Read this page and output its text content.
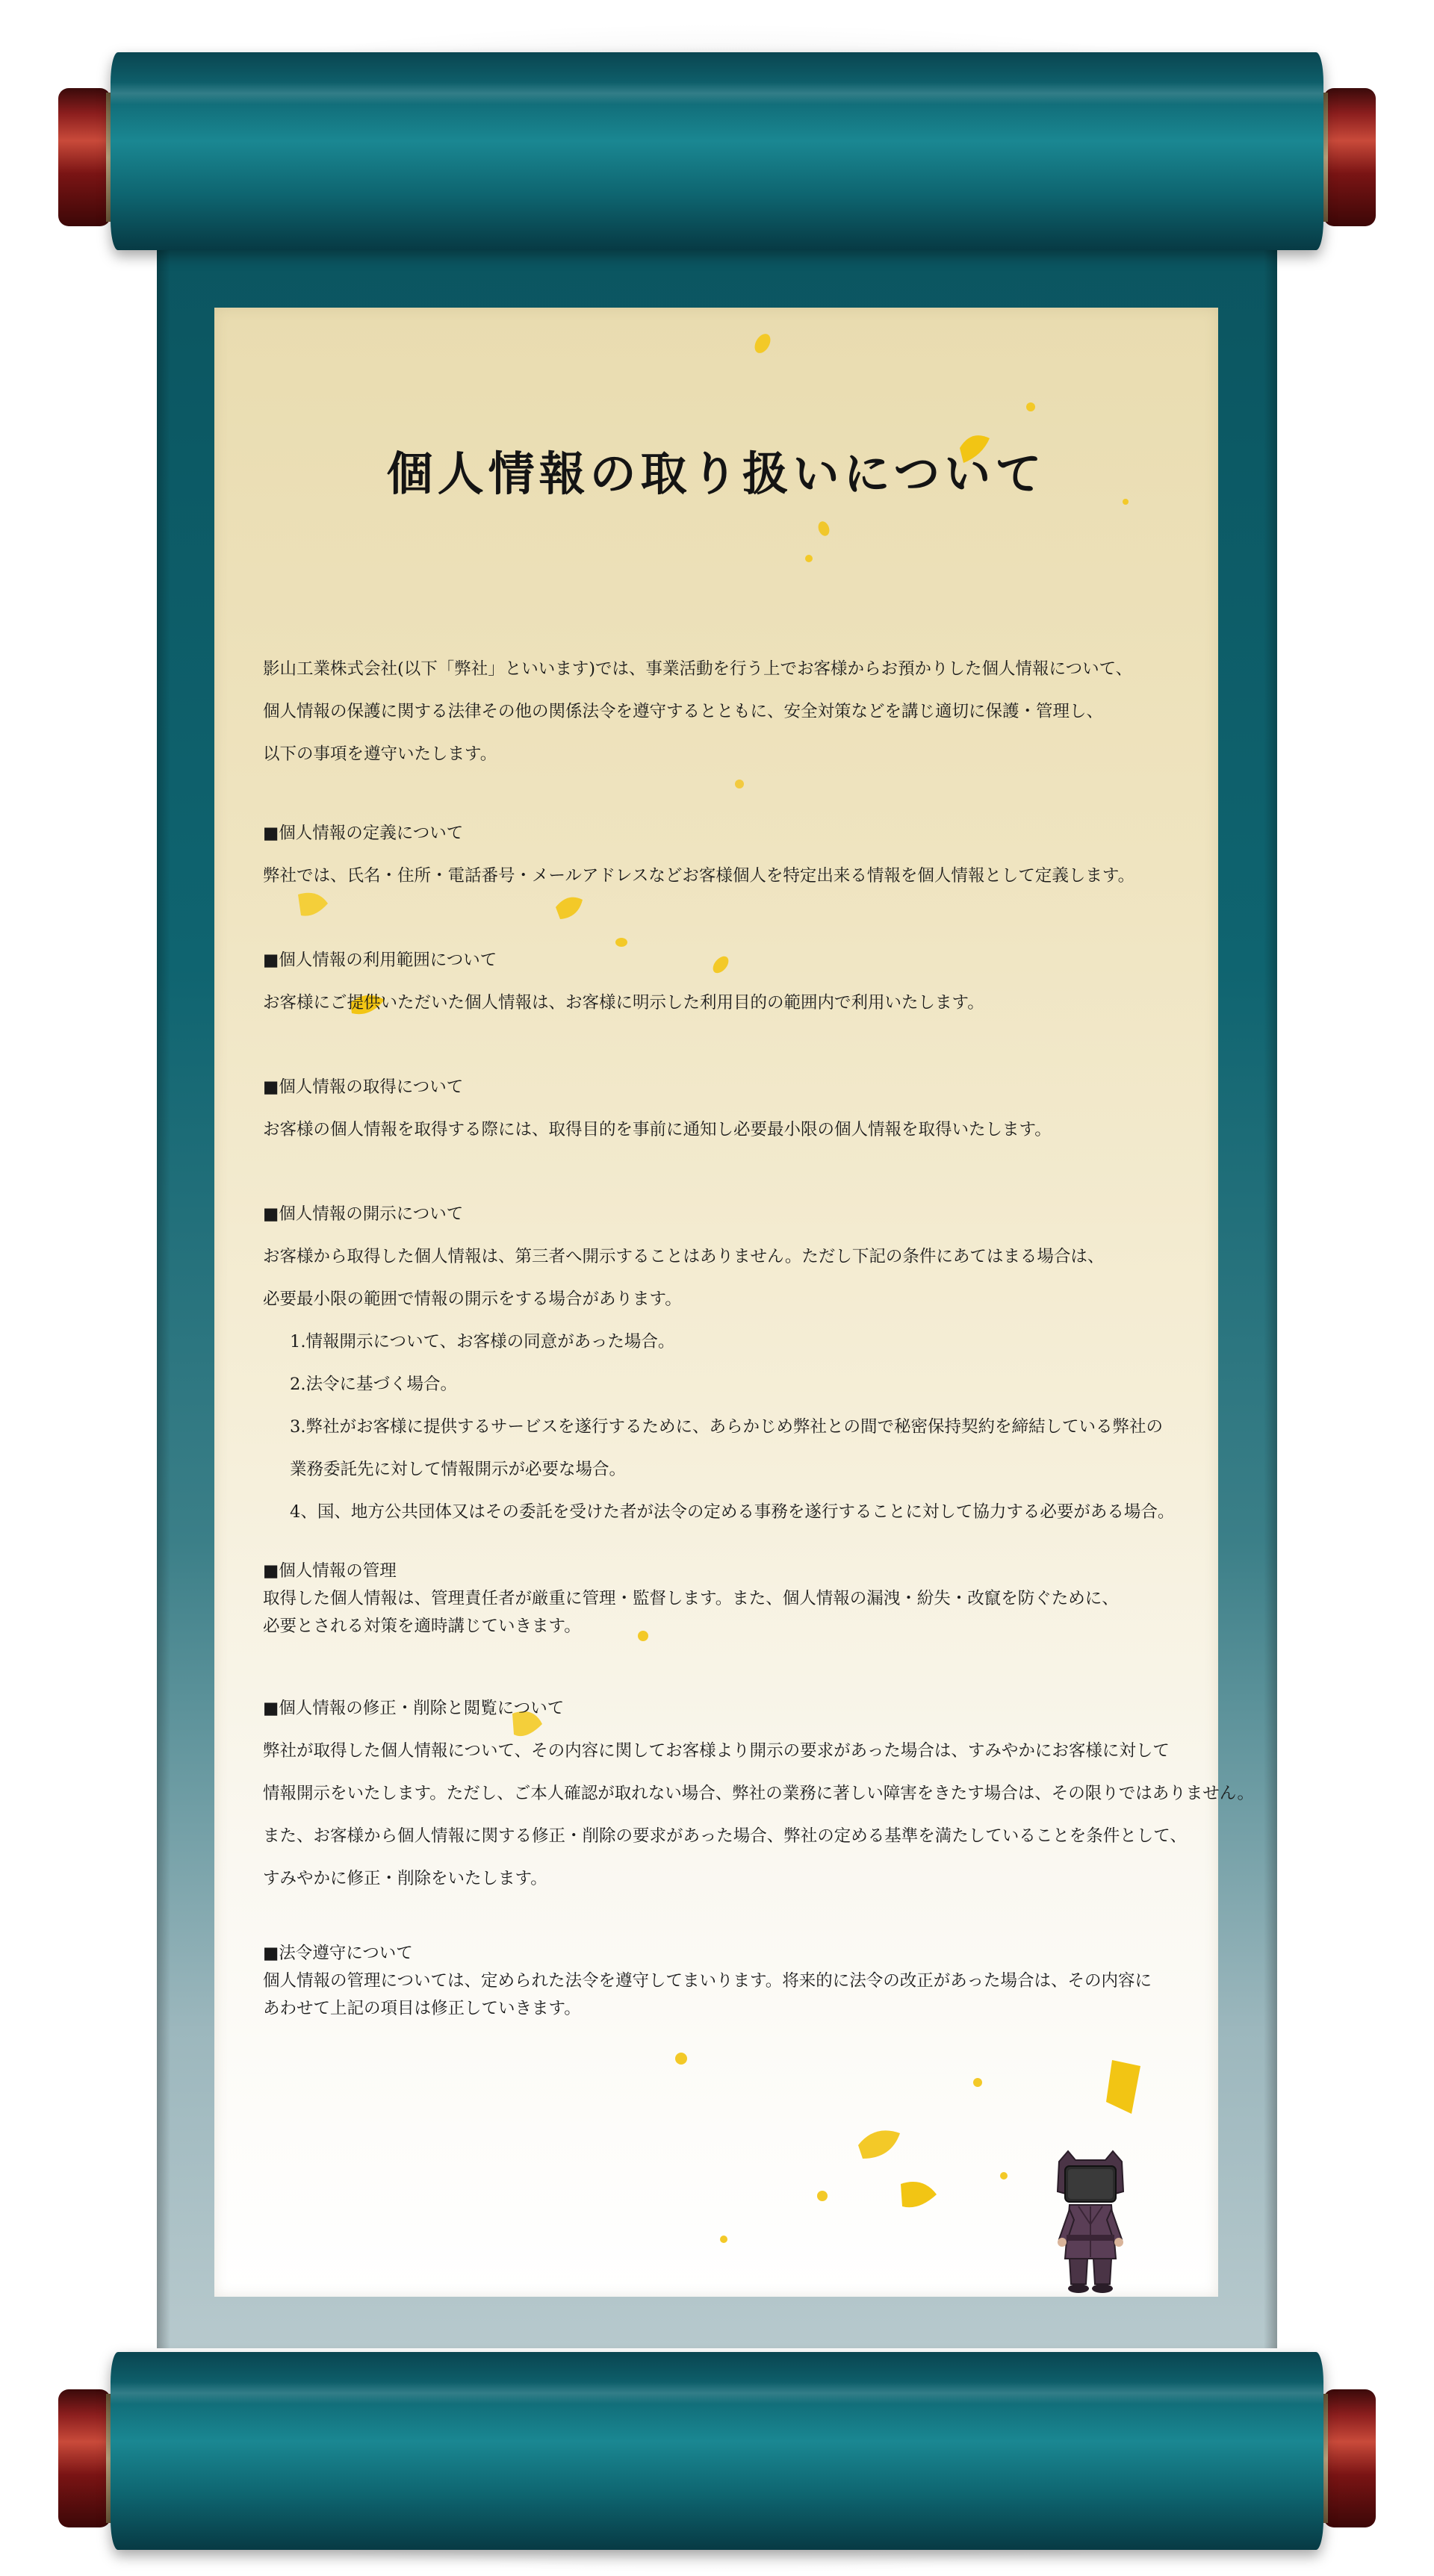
個人情報の取り扱いについて
影山工業株式会社(以下「弊社」といいます)では、事業活動を行う上でお客様からお預かりした個人情報について、
個人情報の保護に関する法律その他の関係法令を遵守するとともに、安全対策などを講じ適切に保護・管理し、
以下の事項を遵守いたします。
■個人情報の定義について
弊社では、氏名・住所・電話番号・メールアドレスなどお客様個人を特定出来る情報を個人情報として定義します。
■個人情報の利用範囲について
お客様にご提供いただいた個人情報は、お客様に明示した利用目的の範囲内で利用いたします。
■個人情報の取得について
お客様の個人情報を取得する際には、取得目的を事前に通知し必要最小限の個人情報を取得いたします。
■個人情報の開示について
お客様から取得した個人情報は、第三者へ開示することはありません。ただし下記の条件にあてはまる場合は、
必要最小限の範囲で情報の開示をする場合があります。
1.情報開示について、お客様の同意があった場合。
2.法令に基づく場合。
3.弊社がお客様に提供するサービスを遂行するために、あらかじめ弊社との間で秘密保持契約を締結している弊社の
業務委託先に対して情報開示が必要な場合。
4、国、地方公共団体又はその委託を受けた者が法令の定める事務を遂行することに対して協力する必要がある場合。
■個人情報の管理
取得した個人情報は、管理責任者が厳重に管理・監督します。また、個人情報の漏洩・紛失・改竄を防ぐために、
必要とされる対策を適時講じていきます。
■個人情報の修正・削除と閲覧について
弊社が取得した個人情報について、その内容に関してお客様より開示の要求があった場合は、すみやかにお客様に対して
情報開示をいたします。ただし、ご本人確認が取れない場合、弊社の業務に著しい障害をきたす場合は、その限りではありません。
また、お客様から個人情報に関する修正・削除の要求があった場合、弊社の定める基準を満たしていることを条件として、
すみやかに修正・削除をいたします。
■法令遵守について
個人情報の管理については、定められた法令を遵守してまいります。将来的に法令の改正があった場合は、その内容に
あわせて上記の項目は修正していきます。
